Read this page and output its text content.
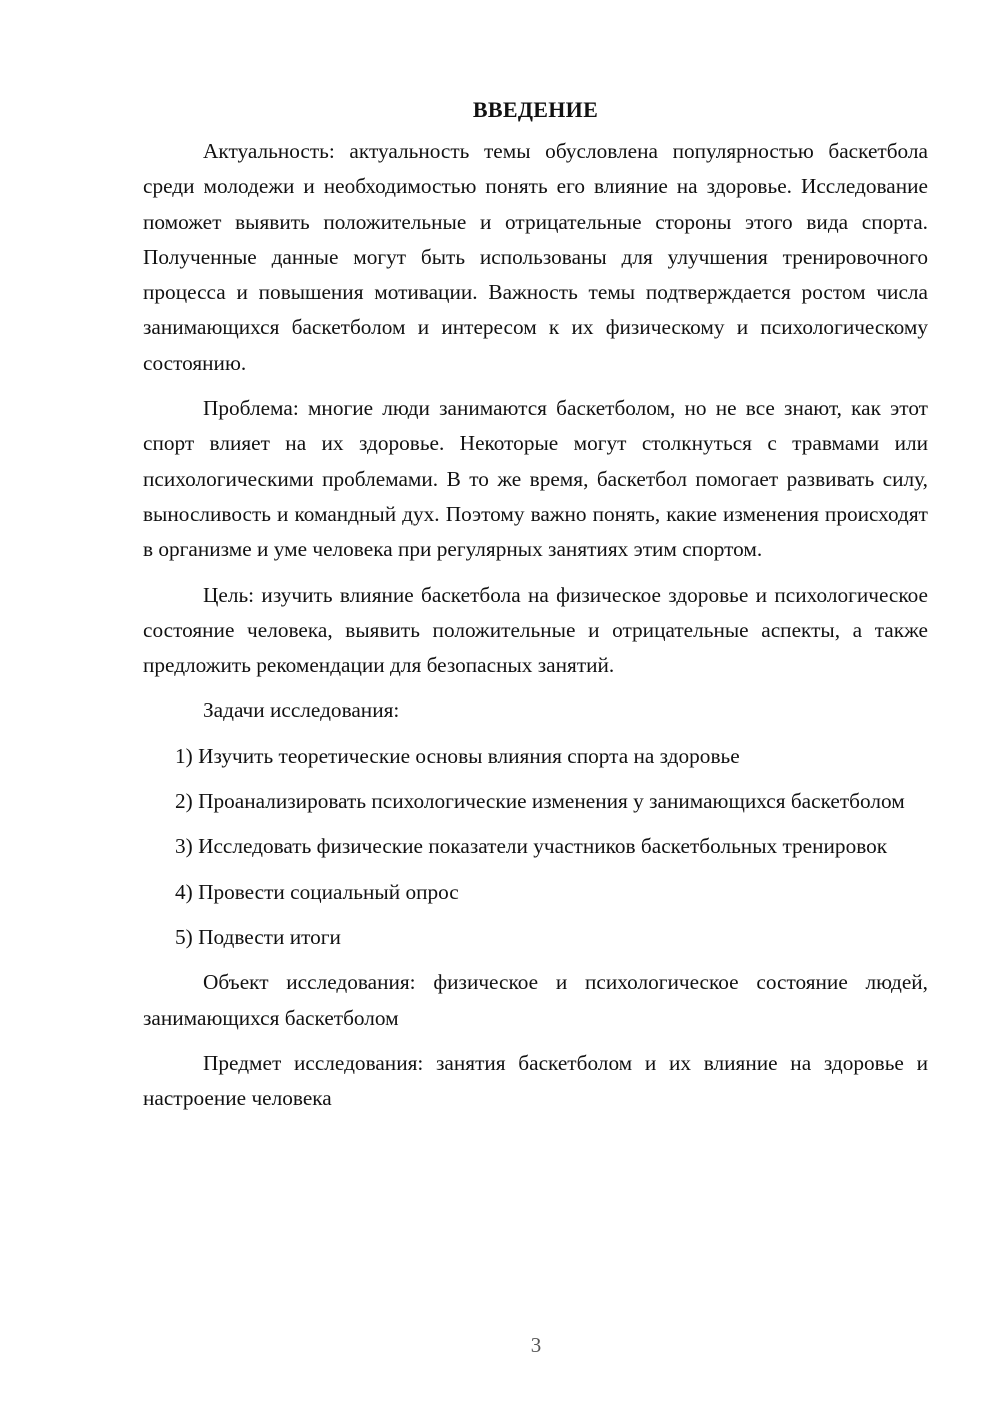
ВВЕДЕНИЕ

Актуальность: актуальность темы обусловлена популярностью баскетбола среди молодежи и необходимостью понять его влияние на здоровье. Исследование поможет выявить положительные и отрицательные стороны этого вида спорта. Полученные данные могут быть использованы для улучшения тренировочного процесса и повышения мотивации. Важность темы подтверждается ростом числа занимающихся баскетболом и интересом к их физическому и психологическому состоянию.

Проблема: многие люди занимаются баскетболом, но не все знают, как этот спорт влияет на их здоровье. Некоторые могут столкнуться с травмами или психологическими проблемами. В то же время, баскетбол помогает развивать силу, выносливость и командный дух. Поэтому важно понять, какие изменения происходят в организме и уме человека при регулярных занятиях этим спортом.

Цель: изучить влияние баскетбола на физическое здоровье и психологическое состояние человека, выявить положительные и отрицательные аспекты, а также предложить рекомендации для безопасных занятий.

Задачи исследования:

1) Изучить теоретические основы влияния спорта на здоровье

2) Проанализировать психологические изменения у занимающихся баскетболом

3) Исследовать физические показатели участников баскетбольных тренировок

4) Провести социальный опрос

5) Подвести итоги

Объект исследования: физическое и психологическое состояние людей, занимающихся баскетболом

Предмет исследования: занятия баскетболом и их влияние на здоровье и настроение человека

3
